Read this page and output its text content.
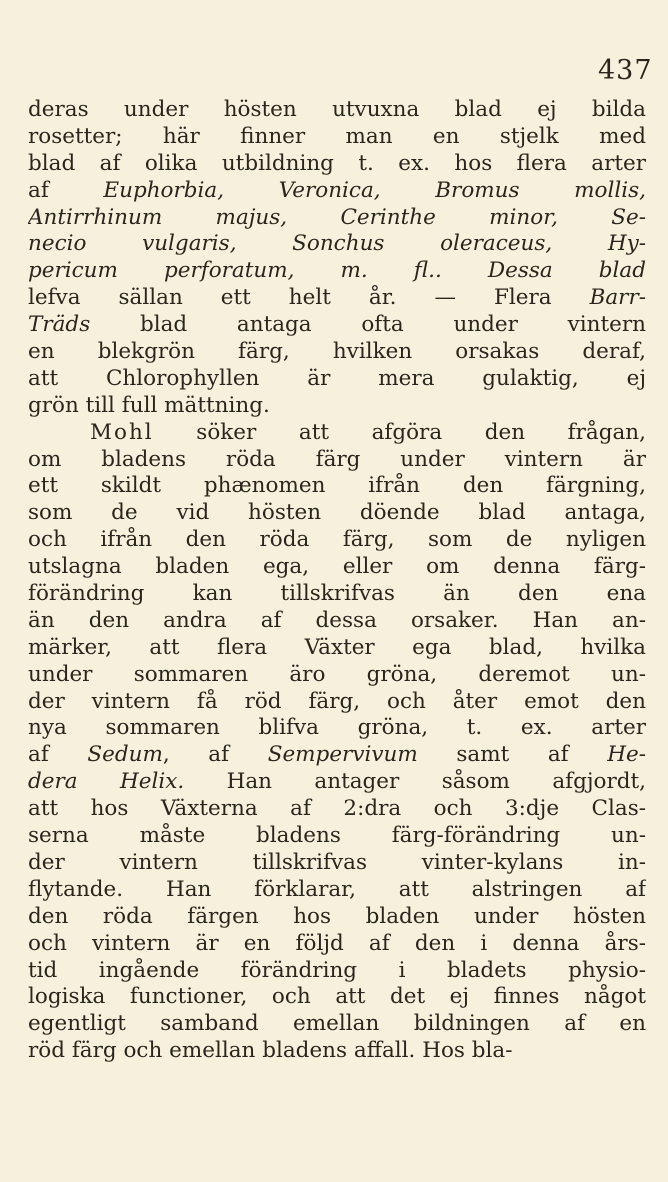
437
deras under hösten utvuxna blad ej bilda
rosetter; här finner man en stjelk med
blad af olika utbildning t. ex. hos flera arter
af Euphorbia, Veronica, Bromus mollis,
Antirrhinum majus, Cerinthe minor, Se-
necio vulgaris, Sonchus oleraceus, Hy-
pericum perforatum, m. fl.. Dessa blad
lefva sällan ett helt år. — Flera Barr-
Träds blad antaga ofta under vintern
en blekgrön färg, hvilken orsakas deraf,
att Chlorophyllen är mera gulaktig, ej
grön till full mättning.
Mohl söker att afgöra den frågan,
om bladens röda färg under vintern är
ett skildt phænomen ifrån den färgning,
som de vid hösten döende blad antaga,
och ifrån den röda färg, som de nyligen
utslagna bladen ega, eller om denna färg-
förändring kan tillskrifvas än den ena
än den andra af dessa orsaker. Han an-
märker, att flera Växter ega blad, hvilka
under sommaren äro gröna, deremot un-
der vintern få röd färg, och åter emot den
nya sommaren blifva gröna, t. ex. arter
af Sedum, af Sempervivum samt af He-
dera Helix. Han antager såsom afgjordt,
att hos Växterna af 2:dra och 3:dje Clas-
serna måste bladens färg-förändring un-
der vintern tillskrifvas vinter-kylans in-
flytande. Han förklarar, att alstringen af
den röda färgen hos bladen under hösten
och vintern är en följd af den i denna års-
tid ingående förändring i bladets physio-
logiska functioner, och att det ej finnes något
egentligt samband emellan bildningen af en
röd färg och emellan bladens affall. Hos bla-
